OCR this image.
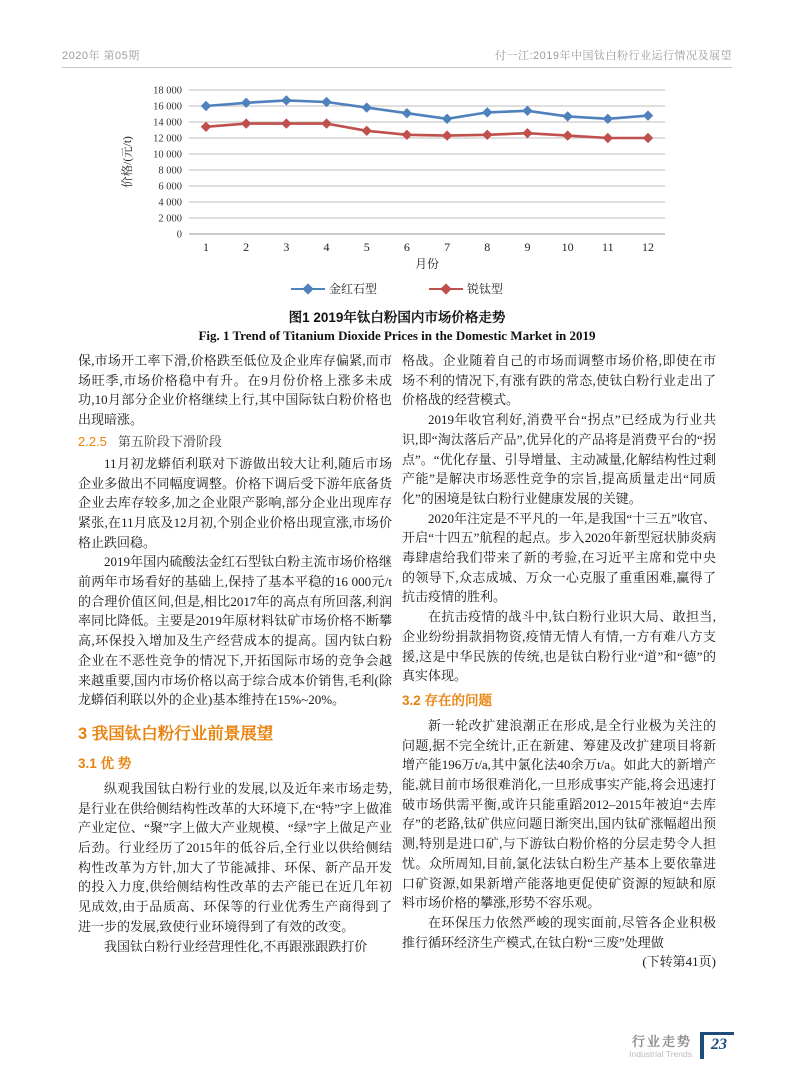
2020年 第05期	付一江:2019年中国钛白粉行业运行情况及展望
0
2 000
4 000
6 000
8 000
10 000
12 000
14 000
16 000
18 000
价格/(元/t)
1	2	3	4	5	6	7	8	9	10 11 12
月份
金红石型	锐钛型
图1 2019年钛白粉国内市场价格走势
Fig. 1 Trend of Titanium Dioxide Prices in the Domestic Market in 2019
保,市场开工率下滑,价格跌至低位及企业库存偏紧,而市场旺季,市场价格稳中有升。在9月份价格上涨多未成功,10月部分企业价格继续上行,其中国际钛白粉价格也出现暗涨。
2.2.5 第五阶段下滑阶段
11月初龙蟒佰利联对下游做出较大让利,随后市场企业多做出不同幅度调整。价格下调后受下游年底备货企业去库存较多,加之企业限产影响,部分企业出现库存紧张,在11月底及12月初,个别企业价格出现宣涨,市场价格止跌回稳。
2019年国内硫酸法金红石型钛白粉主流市场价格继前两年市场看好的基础上,保持了基本平稳的16 000元/t的合理价值区间,但是,相比2017年的高点有所回落,利润率同比降低。主要是2019年原材料钛矿市场价格不断攀高,环保投入增加及生产经营成本的提高。国内钛白粉企业在不恶性竞争的情况下,开拓国际市场的竞争会越来越重要,国内市场价格以高于综合成本价销售,毛利(除龙蟒佰利联以外的企业)基本维持在15%~20%。
3 我国钛白粉行业前景展望
3.1 优 势
纵观我国钛白粉行业的发展,以及近年来市场走势,是行业在供给侧结构性改革的大环境下,在“特”字上做准产业定位、“聚”字上做大产业规模、“绿”字上做足产业后劲。行业经历了2015年的低谷后,全行业以供给侧结构性改革为方针,加大了节能减排、环保、新产品开发的投入力度,供给侧结构性改革的去产能已在近几年初见成效,由于品质高、环保等的行业优秀生产商得到了进一步的发展,致使行业环境得到了有效的改变。
我国钛白粉行业经营理性化,不再跟涨跟跌打价
格战。企业随着自己的市场而调整市场价格,即使在市场不利的情况下,有涨有跌的常态,使钛白粉行业走出了价格战的经营模式。
2019年收官利好,消费平台“拐点”已经成为行业共识,即“淘汰落后产品”,优异化的产品将是消费平台的“拐点”。“优化存量、引导增量、主动减量,化解结构性过剩产能”是解决市场恶性竞争的宗旨,提高质量走出“同质化”的困境是钛白粉行业健康发展的关键。
2020年注定是不平凡的一年,是我国“十三五”收官、开启“十四五”航程的起点。步入2020年新型冠状肺炎病毒肆虐给我们带来了新的考验,在习近平主席和党中央的领导下,众志成城、万众一心克服了重重困难,赢得了抗击疫情的胜利。
在抗击疫情的战斗中,钛白粉行业识大局、敢担当,企业纷纷捐款捐物资,疫情无情人有情,一方有难八方支援,这是中华民族的传统,也是钛白粉行业“道”和“德”的真实体现。
3.2 存在的问题
新一轮改扩建浪潮正在形成,是全行业极为关注的问题,据不完全统计,正在新建、筹建及改扩建项目将新增产能196万t/a,其中氯化法40余万t/a。如此大的新增产能,就目前市场很难消化,一旦形成事实产能,将会迅速打破市场供需平衡,或许只能重蹈2012–2015年被迫“去库存”的老路,钛矿供应问题日渐突出,国内钛矿涨幅超出预测,特别是进口矿,与下游钛白粉价格的分层走势令人担忧。众所周知,目前,氯化法钛白粉生产基本上要依靠进口矿资源,如果新增产能落地更促使矿资源的短缺和原料市场价格的攀涨,形势不容乐观。
在环保压力依然严峻的现实面前,尽管各企业积极推行循环经济生产模式,在钛白粉“三废”处理做
(下转第41页)
行业走势
Industrial Trends
23
